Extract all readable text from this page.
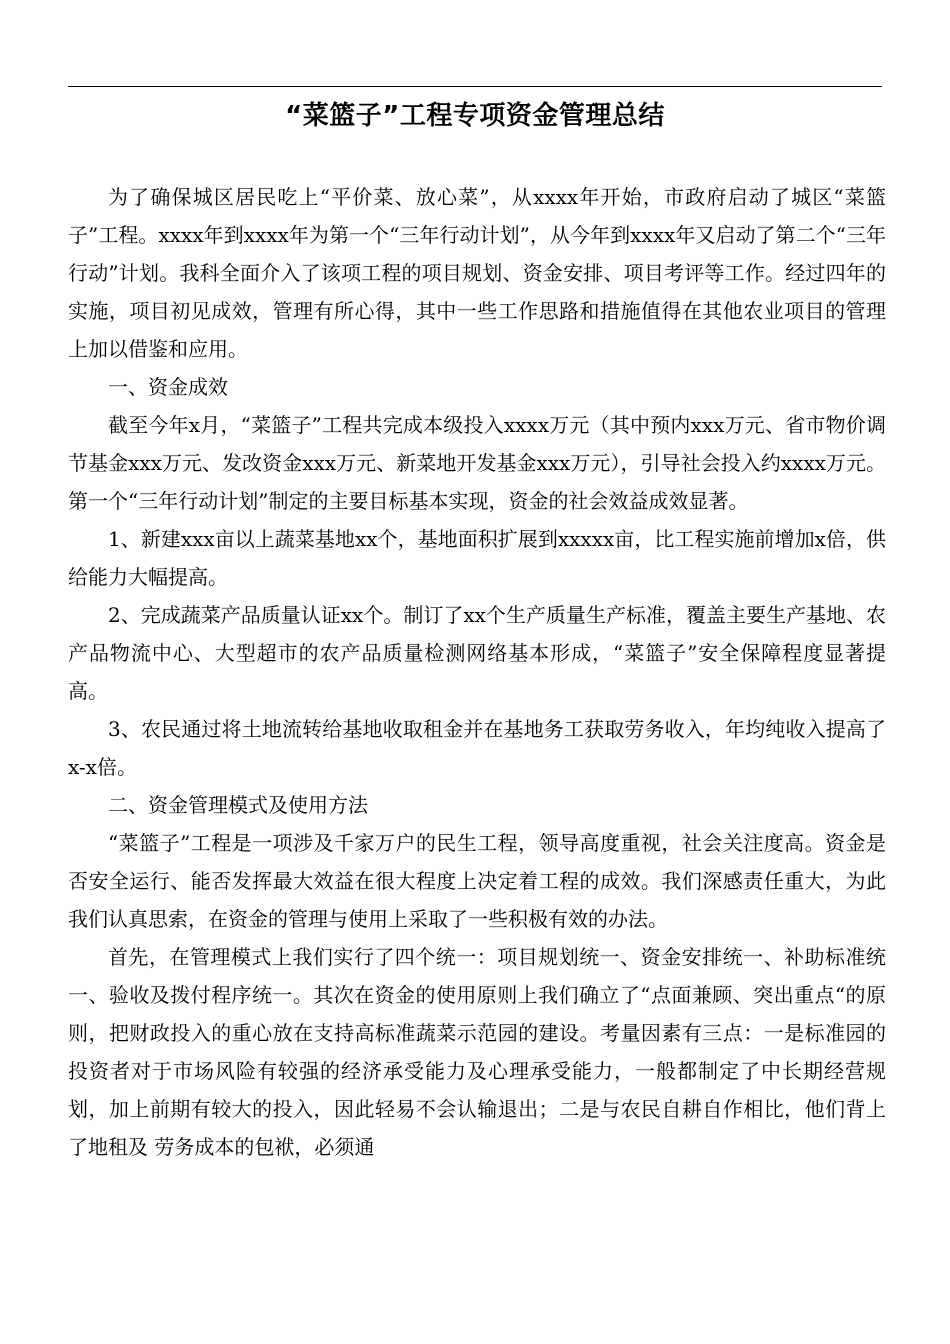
“菜篮子”工程专项资金管理总结

为了确保城区居民吃上“平价菜、放心菜”，从xxxx年开始，市政府启动了城区“菜篮子”工程。xxxx年到xxxx年为第一个“三年行动计划”，从今年到xxxx年又启动了第二个“三年行动”计划。我科全面介入了该项工程的项目规划、资金安排、项目考评等工作。经过四年的实施，项目初见成效，管理有所心得，其中一些工作思路和措施值得在其他农业项目的管理上加以借鉴和应用。

一、资金成效

截至今年x月，“菜篮子”工程共完成本级投入xxxx万元（其中预内xxx万元、省市物价调节基金xxx万元、发改资金xxx万元、新菜地开发基金xxx万元），引导社会投入约xxxx万元。第一个“三年行动计划”制定的主要目标基本实现，资金的社会效益成效显著。

1、新建xxx亩以上蔬菜基地xx个，基地面积扩展到xxxxx亩，比工程实施前增加x倍，供给能力大幅提高。

2、完成蔬菜产品质量认证xx个。制订了xx个生产质量生产标准，覆盖主要生产基地、农产品物流中心、大型超市的农产品质量检测网络基本形成，“菜篮子”安全保障程度显著提高。

3、农民通过将土地流转给基地收取租金并在基地务工获取劳务收入，年均纯收入提高了x-x倍。

二、资金管理模式及使用方法

“菜篮子”工程是一项涉及千家万户的民生工程，领导高度重视，社会关注度高。资金是否安全运行、能否发挥最大效益在很大程度上决定着工程的成效。我们深感责任重大，为此我们认真思索，在资金的管理与使用上采取了一些积极有效的办法。

首先，在管理模式上我们实行了四个统一：项目规划统一、资金安排统一、补助标准统一、验收及拨付程序统一。其次在资金的使用原则上我们确立了“点面兼顾、突出重点“的原则，把财政投入的重心放在支持高标准蔬菜示范园的建设。考量因素有三点：一是标准园的投资者对于市场风险有较强的经济承受能力及心理承受能力，一般都制定了中长期经营规划，加上前期有较大的投入，因此轻易不会认输退出；二是与农民自耕自作相比，他们背上了地租及 劳务成本的包袱，必须通
